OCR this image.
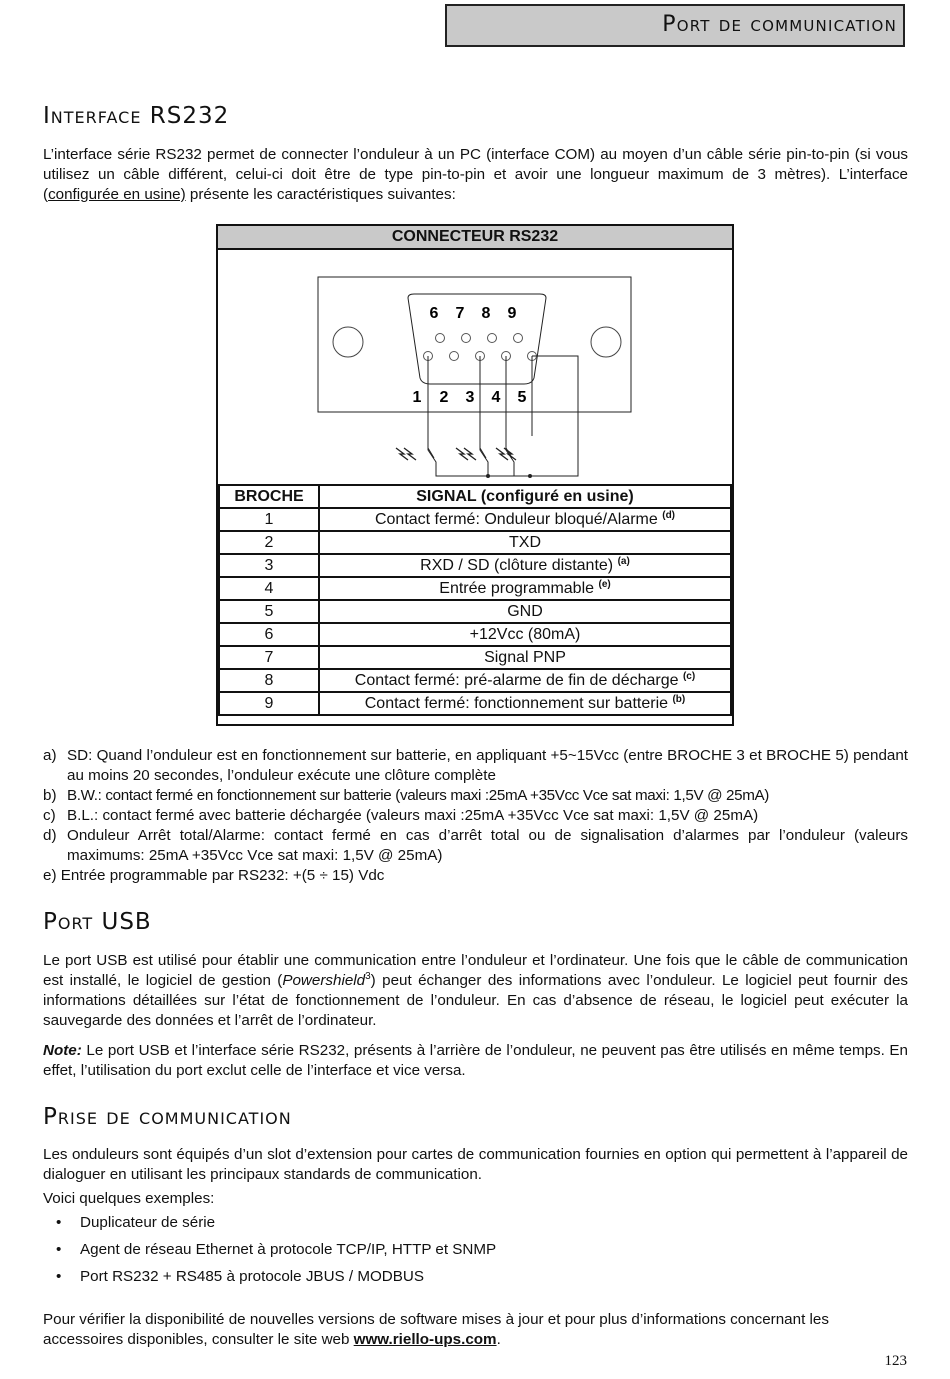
Port de communication
Interface RS232

L’interface série RS232 permet de connecter l’onduleur à un PC (interface COM) au moyen d’un câble série pin-to-pin (si vous utilisez un câble différent, celui-ci doit être de type pin-to-pin et avoir une longueur maximum de 3 mètres). L’interface (configurée en usine) présente les caractéristiques suivantes:

CONNECTEUR RS232
6 7 8 9
1 2 3 4 5
BROCHE	SIGNAL (configuré en usine)
1	Contact fermé: Onduleur bloqué/Alarme $^{(d)}$
2	TXD
3	RXD / SD (clôture distante) $^{(a)}$
4	Entrée programmable $^{(e)}$
5	GND
6	+12Vcc (80mA)
7	Signal PNP
8	Contact fermé: pré-alarme de fin de décharge $^{(c)}$
9	Contact fermé: fonctionnement sur batterie $^{(b)}$
a) SD: Quand l’onduleur est en fonctionnement sur batterie, en appliquant +5~15Vcc (entre BROCHE 3 et BROCHE 5) pendant au moins 20 secondes, l’onduleur exécute une clôture complète
b) B.W.: contact fermé en fonctionnement sur batterie (valeurs maxi :25mA +35Vcc Vce sat maxi: 1,5V @ 25mA)
c) B.L.: contact fermé avec batterie déchargée (valeurs maxi :25mA +35Vcc Vce sat maxi: 1,5V @ 25mA)
d) Onduleur Arrêt total/Alarme: contact fermé en cas d’arrêt total ou de signalisation d’alarmes par l’onduleur (valeurs maximums: 25mA +35Vcc Vce sat maxi: 1,5V @ 25mA)
e) Entrée programmable par RS232: +(5 ÷ 15) Vdc
Port USB

Le port USB est utilisé pour établir une communication entre l’onduleur et l’ordinateur. Une fois que le câble de communication est installé, le logiciel de gestion (Powershield$^3$) peut échanger des informations avec l’onduleur. Le logiciel peut fournir des informations détaillées sur l’état de fonctionnement de l’onduleur. En cas d’absence de réseau, le logiciel peut exécuter la sauvegarde des données et l’arrêt de l’ordinateur.

Note: Le port USB et l’interface série RS232, présents à l’arrière de l’onduleur, ne peuvent pas être utilisés en même temps. En effet, l’utilisation du port exclut celle de l’interface et vice versa.

Prise de communication

Les onduleurs sont équipés d’un slot d’extension pour cartes de communication fournies en option qui permettent à l’appareil de dialoguer en utilisant les principaux standards de communication.

Voici quelques exemples:

• Duplicateur de série
• Agent de réseau Ethernet à protocole TCP/IP, HTTP et SNMP
• Port RS232 + RS485 à protocole JBUS / MODBUS

Pour vérifier la disponibilité de nouvelles versions de software mises à jour et pour plus d’informations concernant les accessoires disponibles, consulter le site web www.riello-ups.com.

123
